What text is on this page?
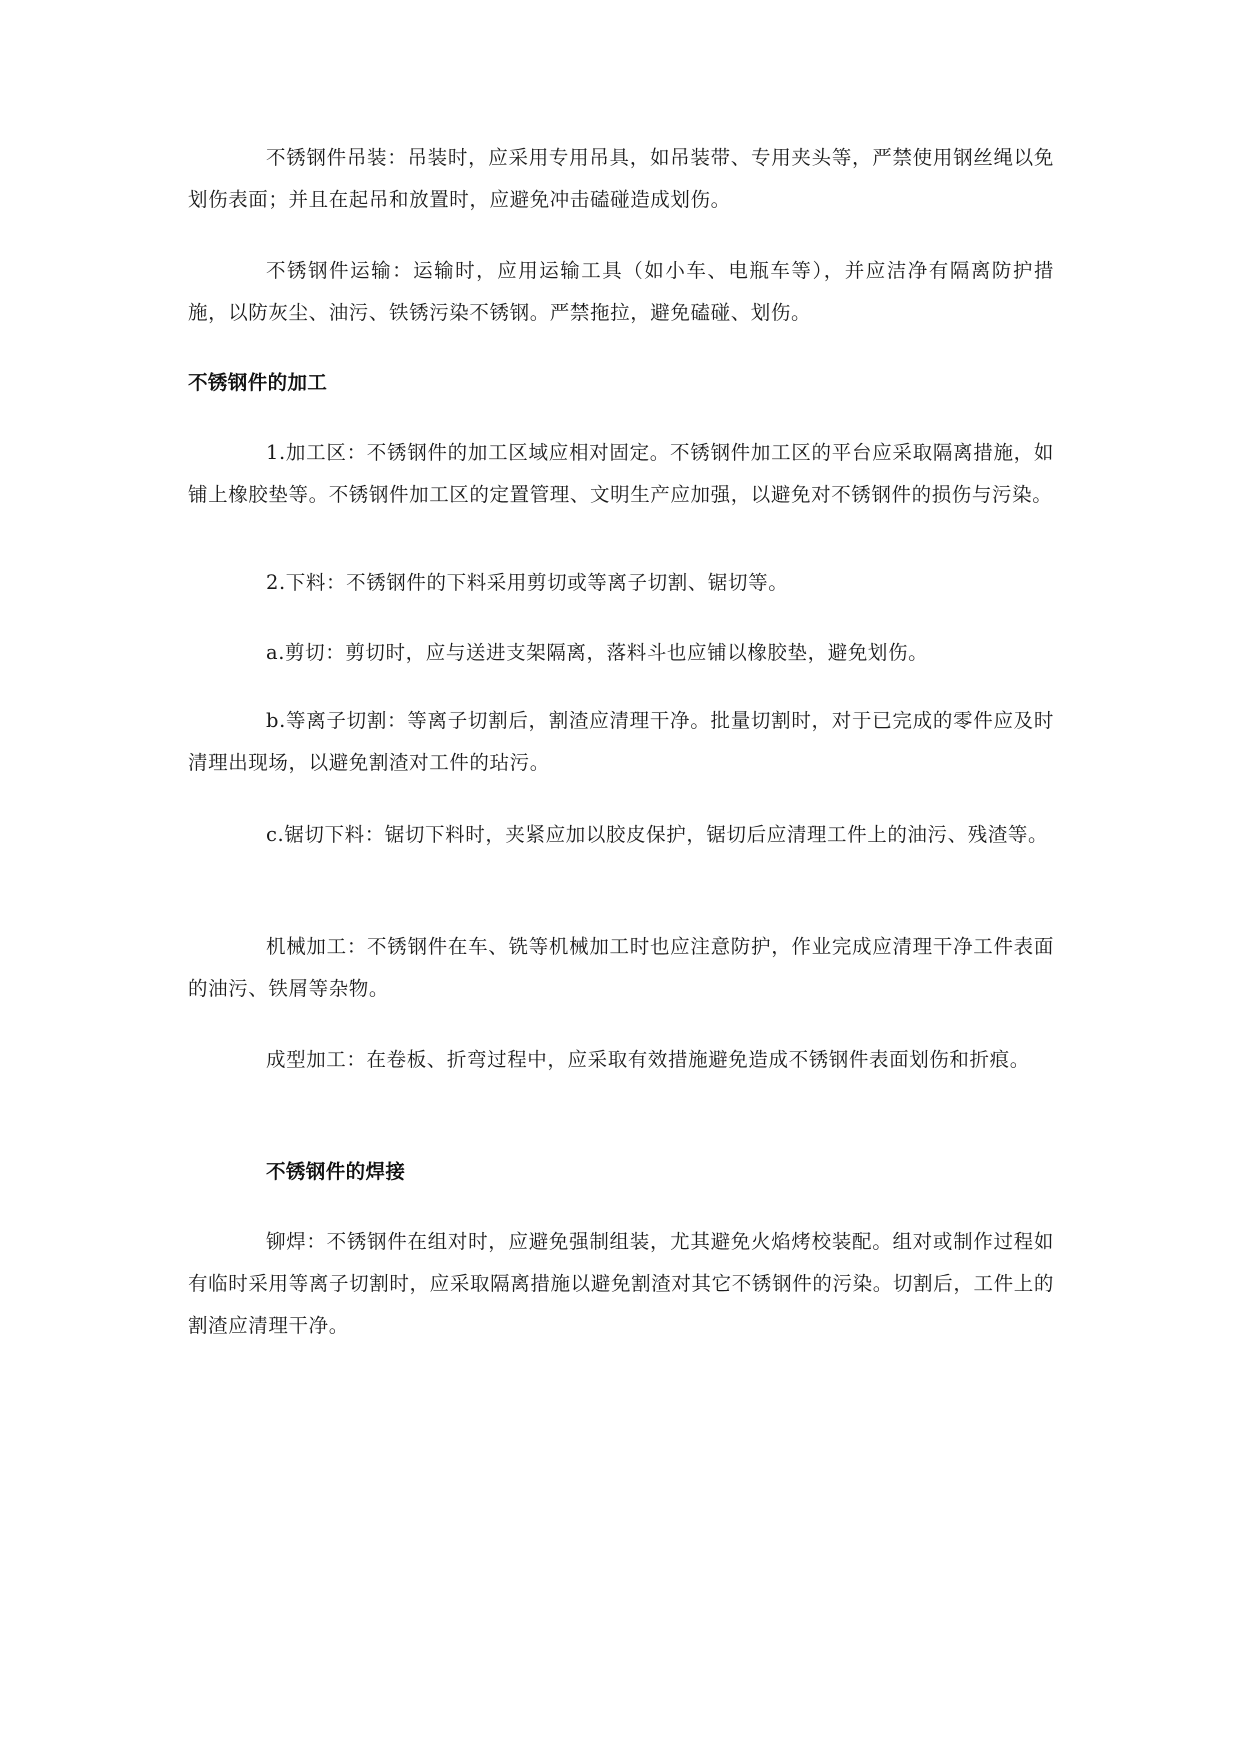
不锈钢件吊装：吊装时，应采用专用吊具，如吊装带、专用夹头等，严禁使用钢丝绳以免划伤表面；并且在起吊和放置时，应避免冲击磕碰造成划伤。

不锈钢件运输：运输时，应用运输工具（如小车、电瓶车等），并应洁净有隔离防护措施，以防灰尘、油污、铁锈污染不锈钢。严禁拖拉，避免磕碰、划伤。

不锈钢件的加工

1.加工区：不锈钢件的加工区域应相对固定。不锈钢件加工区的平台应采取隔离措施，如铺上橡胶垫等。不锈钢件加工区的定置管理、文明生产应加强，以避免对不锈钢件的损伤与污染。

2.下料：不锈钢件的下料采用剪切或等离子切割、锯切等。

a.剪切：剪切时，应与送进支架隔离，落料斗也应铺以橡胶垫，避免划伤。

b.等离子切割：等离子切割后，割渣应清理干净。批量切割时，对于已完成的零件应及时清理出现场，以避免割渣对工件的玷污。

c.锯切下料：锯切下料时，夹紧应加以胶皮保护，锯切后应清理工件上的油污、残渣等。

机械加工：不锈钢件在车、铣等机械加工时也应注意防护，作业完成应清理干净工件表面的油污、铁屑等杂物。

成型加工：在卷板、折弯过程中，应采取有效措施避免造成不锈钢件表面划伤和折痕。

不锈钢件的焊接

铆焊：不锈钢件在组对时，应避免强制组装，尤其避免火焰烤校装配。组对或制作过程如有临时采用等离子切割时，应采取隔离措施以避免割渣对其它不锈钢件的污染。切割后，工件上的割渣应清理干净。
